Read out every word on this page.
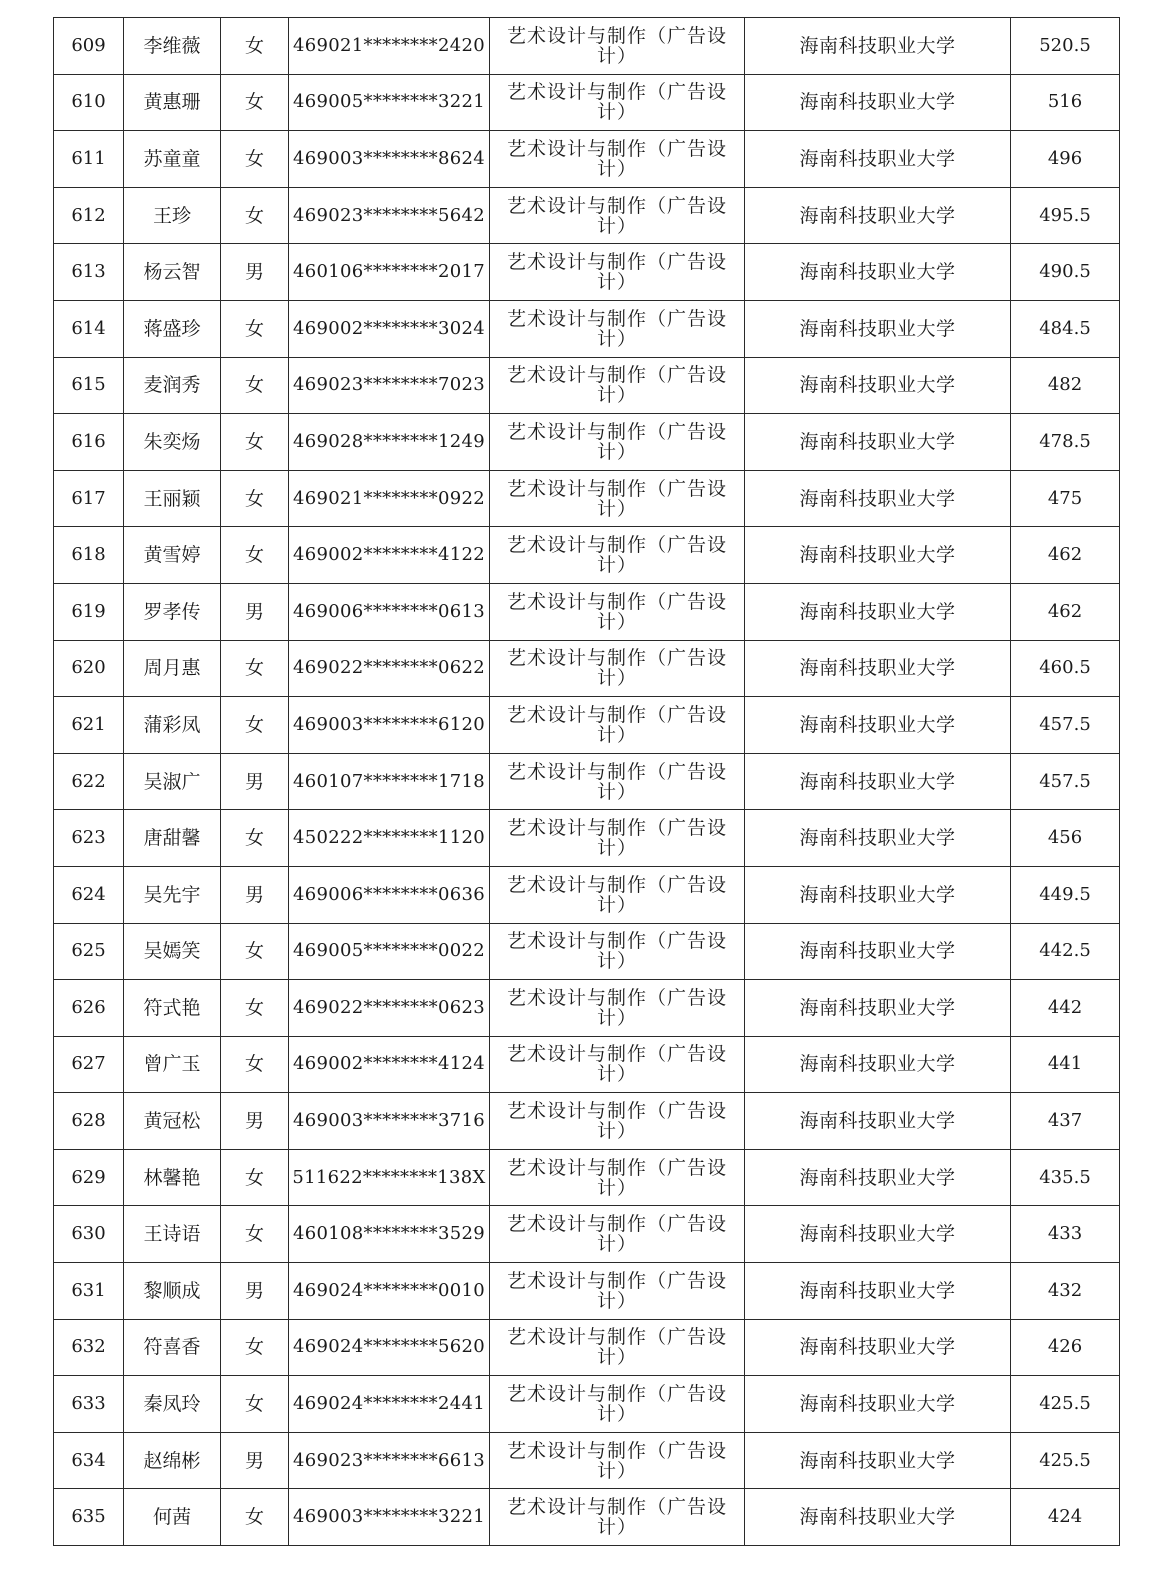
609	李维薇	女	469021********2420	艺术设计与制作（广告设计）	海南科技职业大学	520.5
610	黄惠珊	女	469005********3221	艺术设计与制作（广告设计）	海南科技职业大学	516
611	苏童童	女	469003********8624	艺术设计与制作（广告设计）	海南科技职业大学	496
612	王珍	女	469023********5642	艺术设计与制作（广告设计）	海南科技职业大学	495.5
613	杨云智	男	460106********2017	艺术设计与制作（广告设计）	海南科技职业大学	490.5
614	蒋盛珍	女	469002********3024	艺术设计与制作（广告设计）	海南科技职业大学	484.5
615	麦润秀	女	469023********7023	艺术设计与制作（广告设计）	海南科技职业大学	482
616	朱奕炀	女	469028********1249	艺术设计与制作（广告设计）	海南科技职业大学	478.5
617	王丽颖	女	469021********0922	艺术设计与制作（广告设计）	海南科技职业大学	475
618	黄雪婷	女	469002********4122	艺术设计与制作（广告设计）	海南科技职业大学	462
619	罗孝传	男	469006********0613	艺术设计与制作（广告设计）	海南科技职业大学	462
620	周月惠	女	469022********0622	艺术设计与制作（广告设计）	海南科技职业大学	460.5
621	蒲彩凤	女	469003********6120	艺术设计与制作（广告设计）	海南科技职业大学	457.5
622	吴淑广	男	460107********1718	艺术设计与制作（广告设计）	海南科技职业大学	457.5
623	唐甜馨	女	450222********1120	艺术设计与制作（广告设计）	海南科技职业大学	456
624	吴先宇	男	469006********0636	艺术设计与制作（广告设计）	海南科技职业大学	449.5
625	吴嫣笑	女	469005********0022	艺术设计与制作（广告设计）	海南科技职业大学	442.5
626	符式艳	女	469022********0623	艺术设计与制作（广告设计）	海南科技职业大学	442
627	曾广玉	女	469002********4124	艺术设计与制作（广告设计）	海南科技职业大学	441
628	黄冠松	男	469003********3716	艺术设计与制作（广告设计）	海南科技职业大学	437
629	林馨艳	女	511622********138X	艺术设计与制作（广告设计）	海南科技职业大学	435.5
630	王诗语	女	460108********3529	艺术设计与制作（广告设计）	海南科技职业大学	433
631	黎顺成	男	469024********0010	艺术设计与制作（广告设计）	海南科技职业大学	432
632	符喜香	女	469024********5620	艺术设计与制作（广告设计）	海南科技职业大学	426
633	秦凤玲	女	469024********2441	艺术设计与制作（广告设计）	海南科技职业大学	425.5
634	赵绵彬	男	469023********6613	艺术设计与制作（广告设计）	海南科技职业大学	425.5
635	何茜	女	469003********3221	艺术设计与制作（广告设计）	海南科技职业大学	424
